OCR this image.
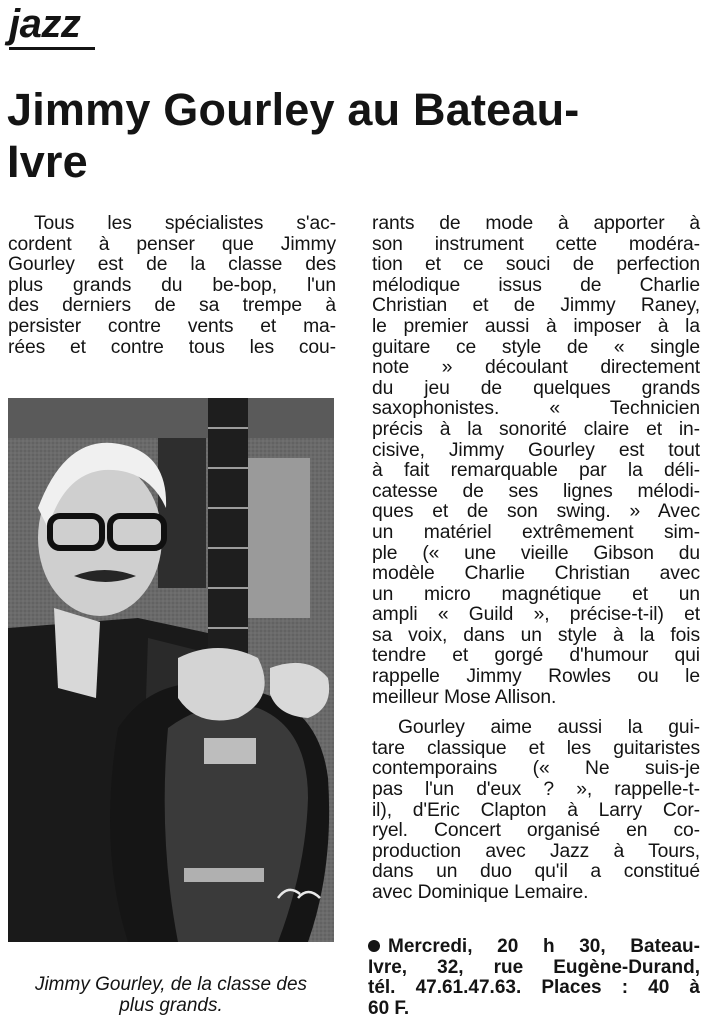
jazz
Jimmy Gourley au Bateau-
Ivre
Tous les spécialistes s'ac-
cordent à penser que Jimmy
Gourley est de la classe des
plus grands du be-bop, l'un
des derniers de sa trempe à
persister contre vents et ma-
rées et contre tous les cou-
Jimmy Gourley, de la classe des
plus grands.
rants de mode à apporter à
son instrument cette modéra-
tion et ce souci de perfection
mélodique issus de Charlie
Christian et de Jimmy Raney,
le premier aussi à imposer à la
guitare ce style de « single
note » découlant directement
du jeu de quelques grands
saxophonistes. « Technicien
précis à la sonorité claire et in-
cisive, Jimmy Gourley est tout
à fait remarquable par la déli-
catesse de ses lignes mélodi-
ques et de son swing. » Avec
un matériel extrêmement sim-
ple (« une vieille Gibson du
modèle Charlie Christian avec
un micro magnétique et un
ampli « Guild », précise-t-il) et
sa voix, dans un style à la fois
tendre et gorgé d'humour qui
rappelle Jimmy Rowles ou le
meilleur Mose Allison.
Gourley aime aussi la gui-
tare classique et les guitaristes
contemporains (« Ne suis-je
pas l'un d'eux ? », rappelle-t-
il), d'Eric Clapton à Larry Cor-
ryel. Concert organisé en co-
production avec Jazz à Tours,
dans un duo qu'il a constitué
avec Dominique Lemaire.
Mercredi, 20 h 30, Bateau-
Ivre, 32, rue Eugène-Durand,
tél. 47.61.47.63. Places : 40 à
60 F.
